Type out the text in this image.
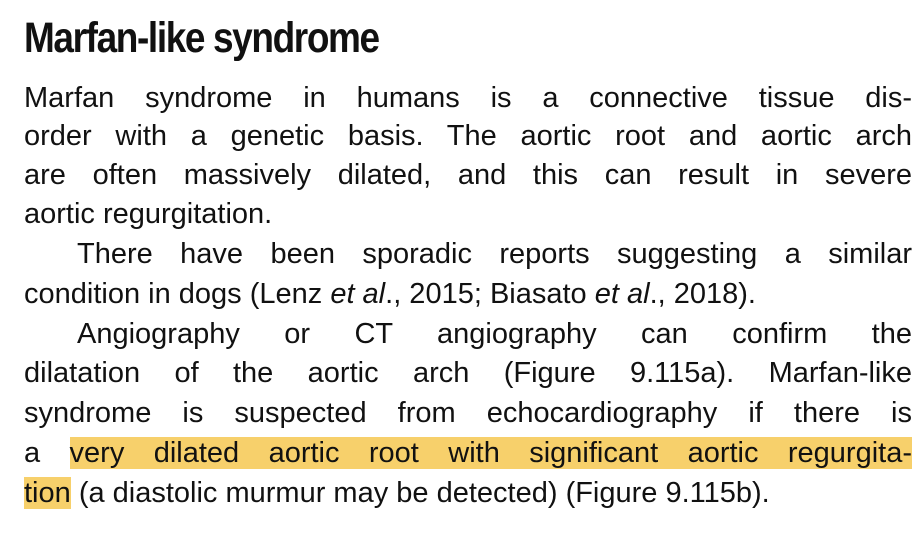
Marfan-like syndrome
Marfan syndrome in humans is a connective tissue dis-
order with a genetic basis. The aortic root and aortic arch
are often massively dilated, and this can result in severe
aortic regurgitation.
There have been sporadic reports suggesting a similar
condition in dogs (Lenz et al., 2015; Biasato et al., 2018).
Angiography or CT angiography can confirm the
dilatation of the aortic arch (Figure 9.115a). Marfan-like
syndrome is suspected from echocardiography if there is
a very dilated aortic root with significant aortic regurgita-
tion (a diastolic murmur may be detected) (Figure 9.115b).
